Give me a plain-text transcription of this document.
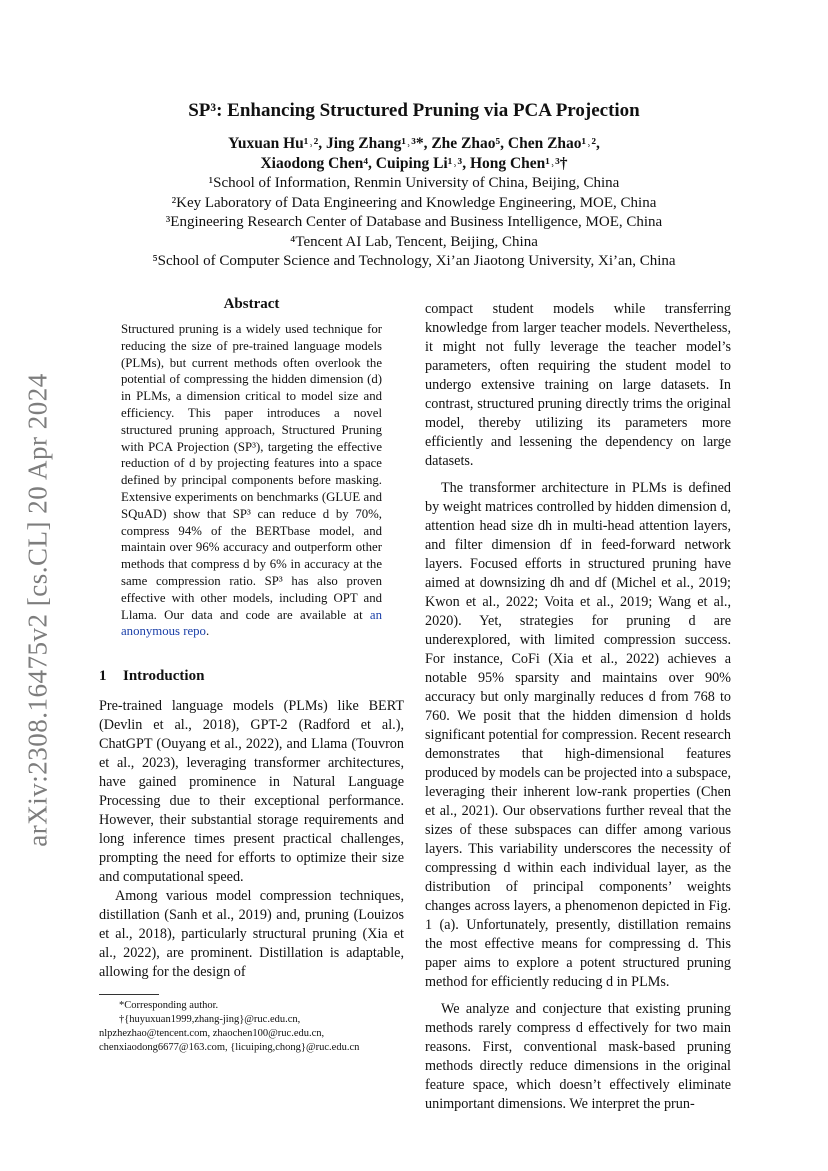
arXiv:2308.16475v2 [cs.CL] 20 Apr 2024
SP³: Enhancing Structured Pruning via PCA Projection
Yuxuan Hu¹˒², Jing Zhang¹˒³*, Zhe Zhao⁵, Chen Zhao¹˒²,
Xiaodong Chen⁴, Cuiping Li¹˒³, Hong Chen¹˒³†
¹School of Information, Renmin University of China, Beijing, China
²Key Laboratory of Data Engineering and Knowledge Engineering, MOE, China
³Engineering Research Center of Database and Business Intelligence, MOE, China
⁴Tencent AI Lab, Tencent, Beijing, China
⁵School of Computer Science and Technology, Xi’an Jiaotong University, Xi’an, China
Abstract
Structured pruning is a widely used technique for reducing the size of pre-trained language models (PLMs), but current methods often overlook the potential of compressing the hidden dimension (d) in PLMs, a dimension critical to model size and efficiency. This paper introduces a novel structured pruning approach, Structured Pruning with PCA Projection (SP³), targeting the effective reduction of d by projecting features into a space defined by principal components before masking. Extensive experiments on benchmarks (GLUE and SQuAD) show that SP³ can reduce d by 70%, compress 94% of the BERTbase model, and maintain over 96% accuracy and outperform other methods that compress d by 6% in accuracy at the same compression ratio. SP³ has also proven effective with other models, including OPT and Llama. Our data and code are available at an anonymous repo.
1 Introduction

Pre-trained language models (PLMs) like BERT (Devlin et al., 2018), GPT-2 (Radford et al.), ChatGPT (Ouyang et al., 2022), and Llama (Touvron et al., 2023), leveraging transformer architectures, have gained prominence in Natural Language Processing due to their exceptional performance. However, their substantial storage requirements and long inference times present practical challenges, prompting the need for efforts to optimize their size and computational speed.

Among various model compression techniques, distillation (Sanh et al., 2019) and, pruning (Louizos et al., 2018), particularly structural pruning (Xia et al., 2022), are prominent. Distillation is adaptable, allowing for the design of

*Corresponding author.

†{huyuxuan1999,zhang-jing}@ruc.edu.cn, nlpzhezhao@tencent.com, zhaochen100@ruc.edu.cn, chenxiaodong6677@163.com, {licuiping,chong}@ruc.edu.cn

compact student models while transferring knowledge from larger teacher models. Nevertheless, it might not fully leverage the teacher model’s parameters, often requiring the student model to undergo extensive training on large datasets. In contrast, structured pruning directly trims the original model, thereby utilizing its parameters more efficiently and lessening the dependency on large datasets.

The transformer architecture in PLMs is defined by weight matrices controlled by hidden dimension d, attention head size dh in multi-head attention layers, and filter dimension df in feed-forward network layers. Focused efforts in structured pruning have aimed at downsizing dh and df (Michel et al., 2019; Kwon et al., 2022; Voita et al., 2019; Wang et al., 2020). Yet, strategies for pruning d are underexplored, with limited compression success. For instance, CoFi (Xia et al., 2022) achieves a notable 95% sparsity and maintains over 90% accuracy but only marginally reduces d from 768 to 760. We posit that the hidden dimension d holds significant potential for compression. Recent research demonstrates that high-dimensional features produced by models can be projected into a subspace, leveraging their inherent low-rank properties (Chen et al., 2021). Our observations further reveal that the sizes of these subspaces can differ among various layers. This variability underscores the necessity of compressing d within each individual layer, as the distribution of principal components’ weights changes across layers, a phenomenon depicted in Fig. 1 (a). Unfortunately, presently, distillation remains the most effective means for compressing d. This paper aims to explore a potent structured pruning method for efficiently reducing d in PLMs.

We analyze and conjecture that existing pruning methods rarely compress d effectively for two main reasons. First, conventional mask-based pruning methods directly reduce dimensions in the original feature space, which doesn’t effectively eliminate unimportant dimensions. We interpret the prun-
